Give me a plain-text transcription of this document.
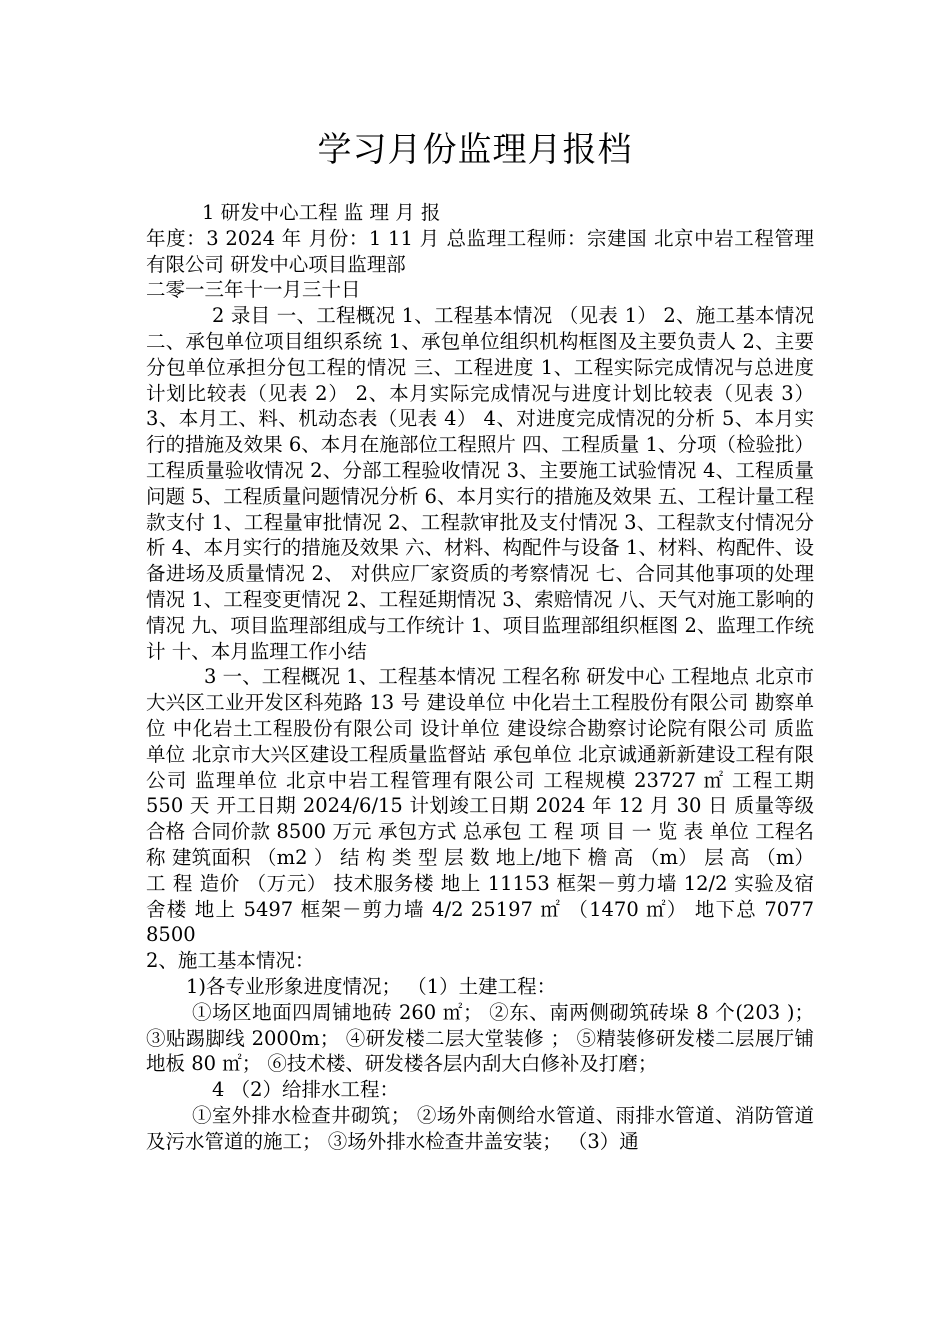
学习月份监理月报档

1 研发中心工程 监 理 月 报

年度：3 2024 年 月份：1 11 月 总监理工程师：宗建国 北京中岩工程管理有限公司 研发中心项目监理部

二零一三年十一月三十日

2 录目 一、工程概况 1、工程基本情况 （见表 1） 2、施工基本情况 二、承包单位项目组织系统 1、承包单位组织机构框图及主要负责人 2、主要分包单位承担分包工程的情况 三、工程进度 1、工程实际完成情况与总进度计划比较表（见表 2） 2、本月实际完成情况与进度计划比较表（见表 3） 3、本月工、料、机动态表（见表 4） 4、对进度完成情况的分析 5、本月实行的措施及效果 6、本月在施部位工程照片 四、工程质量 1、分项（检验批）工程质量验收情况 2、分部工程验收情况 3、主要施工试验情况 4、工程质量问题 5、工程质量问题情况分析 6、本月实行的措施及效果 五、工程计量工程款支付 1、工程量审批情况 2、工程款审批及支付情况 3、工程款支付情况分析 4、本月实行的措施及效果 六、材料、构配件与设备 1、材料、构配件、设备进场及质量情况 2、 对供应厂家资质的考察情况 七、合同其他事项的处理情况 1、工程变更情况 2、工程延期情况 3、索赔情况 八、天气对施工影响的情况 九、项目监理部组成与工作统计 1、项目监理部组织框图 2、监理工作统计 十、本月监理工作小结

3 一、工程概况 1、工程基本情况 工程名称 研发中心 工程地点 北京市大兴区工业开发区科苑路 13 号 建设单位 中化岩土工程股份有限公司 勘察单位 中化岩土工程股份有限公司 设计单位 建设综合勘察讨论院有限公司 质监单位 北京市大兴区建设工程质量监督站 承包单位 北京诚通新新建设工程有限公司 监理单位 北京中岩工程管理有限公司 工程规模 23727 ㎡ 工程工期 550 天 开工日期 2024/6/15 计划竣工日期 2024 年 12 月 30 日 质量等级 合格 合同价款 8500 万元 承包方式 总承包 工 程 项 目 一 览 表 单位 工程名称 建筑面积 （m2 ） 结 构 类 型 层 数 地上/地下 檐 高 （m） 层 高 （m） 工 程 造价 （万元） 技术服务楼 地上 11153 框架－剪力墙 12/2 实验及宿舍楼 地上 5497 框架－剪力墙 4/2 25197 ㎡ （1470 ㎡） 地下总 7077 8500

2、施工基本情况：

1)各专业形象进度情况； （1）土建工程：

①场区地面四周铺地砖 260 ㎡； ②东、南两侧砌筑砖垛 8 个(203 )； ③贴踢脚线 2000m； ④研发楼二层大堂装修 ； ⑤精装修研发楼二层展厅铺地板 80 ㎡； ⑥技术楼、研发楼各层内刮大白修补及打磨；

4 （2）给排水工程：

①室外排水检查井砌筑； ②场外南侧给水管道、雨排水管道、消防管道及污水管道的施工； ③场外排水检查井盖安装； （3）通
